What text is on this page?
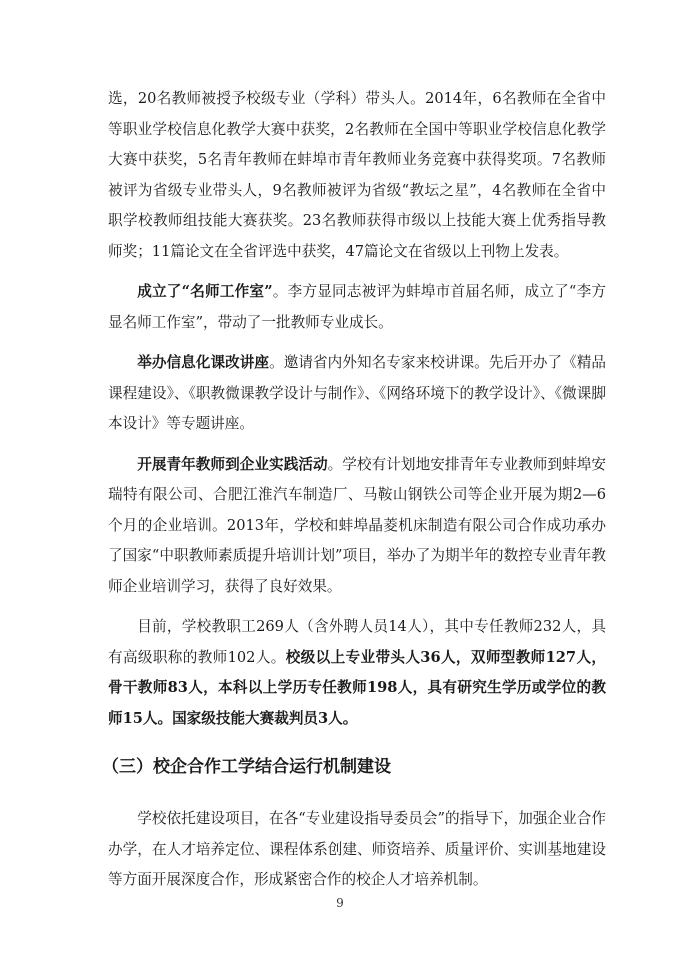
选，20名教师被授予校级专业（学科）带头人。2014年，6名教师在全省中等职业学校信息化教学大赛中获奖，2名教师在全国中等职业学校信息化教学大赛中获奖，5名青年教师在蚌埠市青年教师业务竞赛中获得奖项。7名教师被评为省级专业带头人，9名教师被评为省级“教坛之星”，4名教师在全省中职学校教师组技能大赛获奖。23名教师获得市级以上技能大赛上优秀指导教师奖；11篇论文在全省评选中获奖，47篇论文在省级以上刊物上发表。

成立了“名师工作室”。李方显同志被评为蚌埠市首届名师，成立了“李方显名师工作室”，带动了一批教师专业成长。

举办信息化课改讲座。邀请省内外知名专家来校讲课。先后开办了《精品课程建设》、《职教微课教学设计与制作》、《网络环境下的教学设计》、《微课脚本设计》等专题讲座。

开展青年教师到企业实践活动。学校有计划地安排青年专业教师到蚌埠安瑞特有限公司、合肥江淮汽车制造厂、马鞍山钢铁公司等企业开展为期2—6个月的企业培训。2013年，学校和蚌埠晶菱机床制造有限公司合作成功承办了国家“中职教师素质提升培训计划”项目，举办了为期半年的数控专业青年教师企业培训学习，获得了良好效果。

目前，学校教职工269人（含外聘人员14人），其中专任教师232人，具有高级职称的教师102人。校级以上专业带头人36人，双师型教师127人，骨干教师83人，本科以上学历专任教师198人，具有研究生学历或学位的教师15人。国家级技能大赛裁判员3人。

（三）校企合作工学结合运行机制建设

学校依托建设项目，在各“专业建设指导委员会”的指导下，加强企业合作办学，在人才培养定位、课程体系创建、师资培养、质量评价、实训基地建设等方面开展深度合作，形成紧密合作的校企人才培养机制。

9
